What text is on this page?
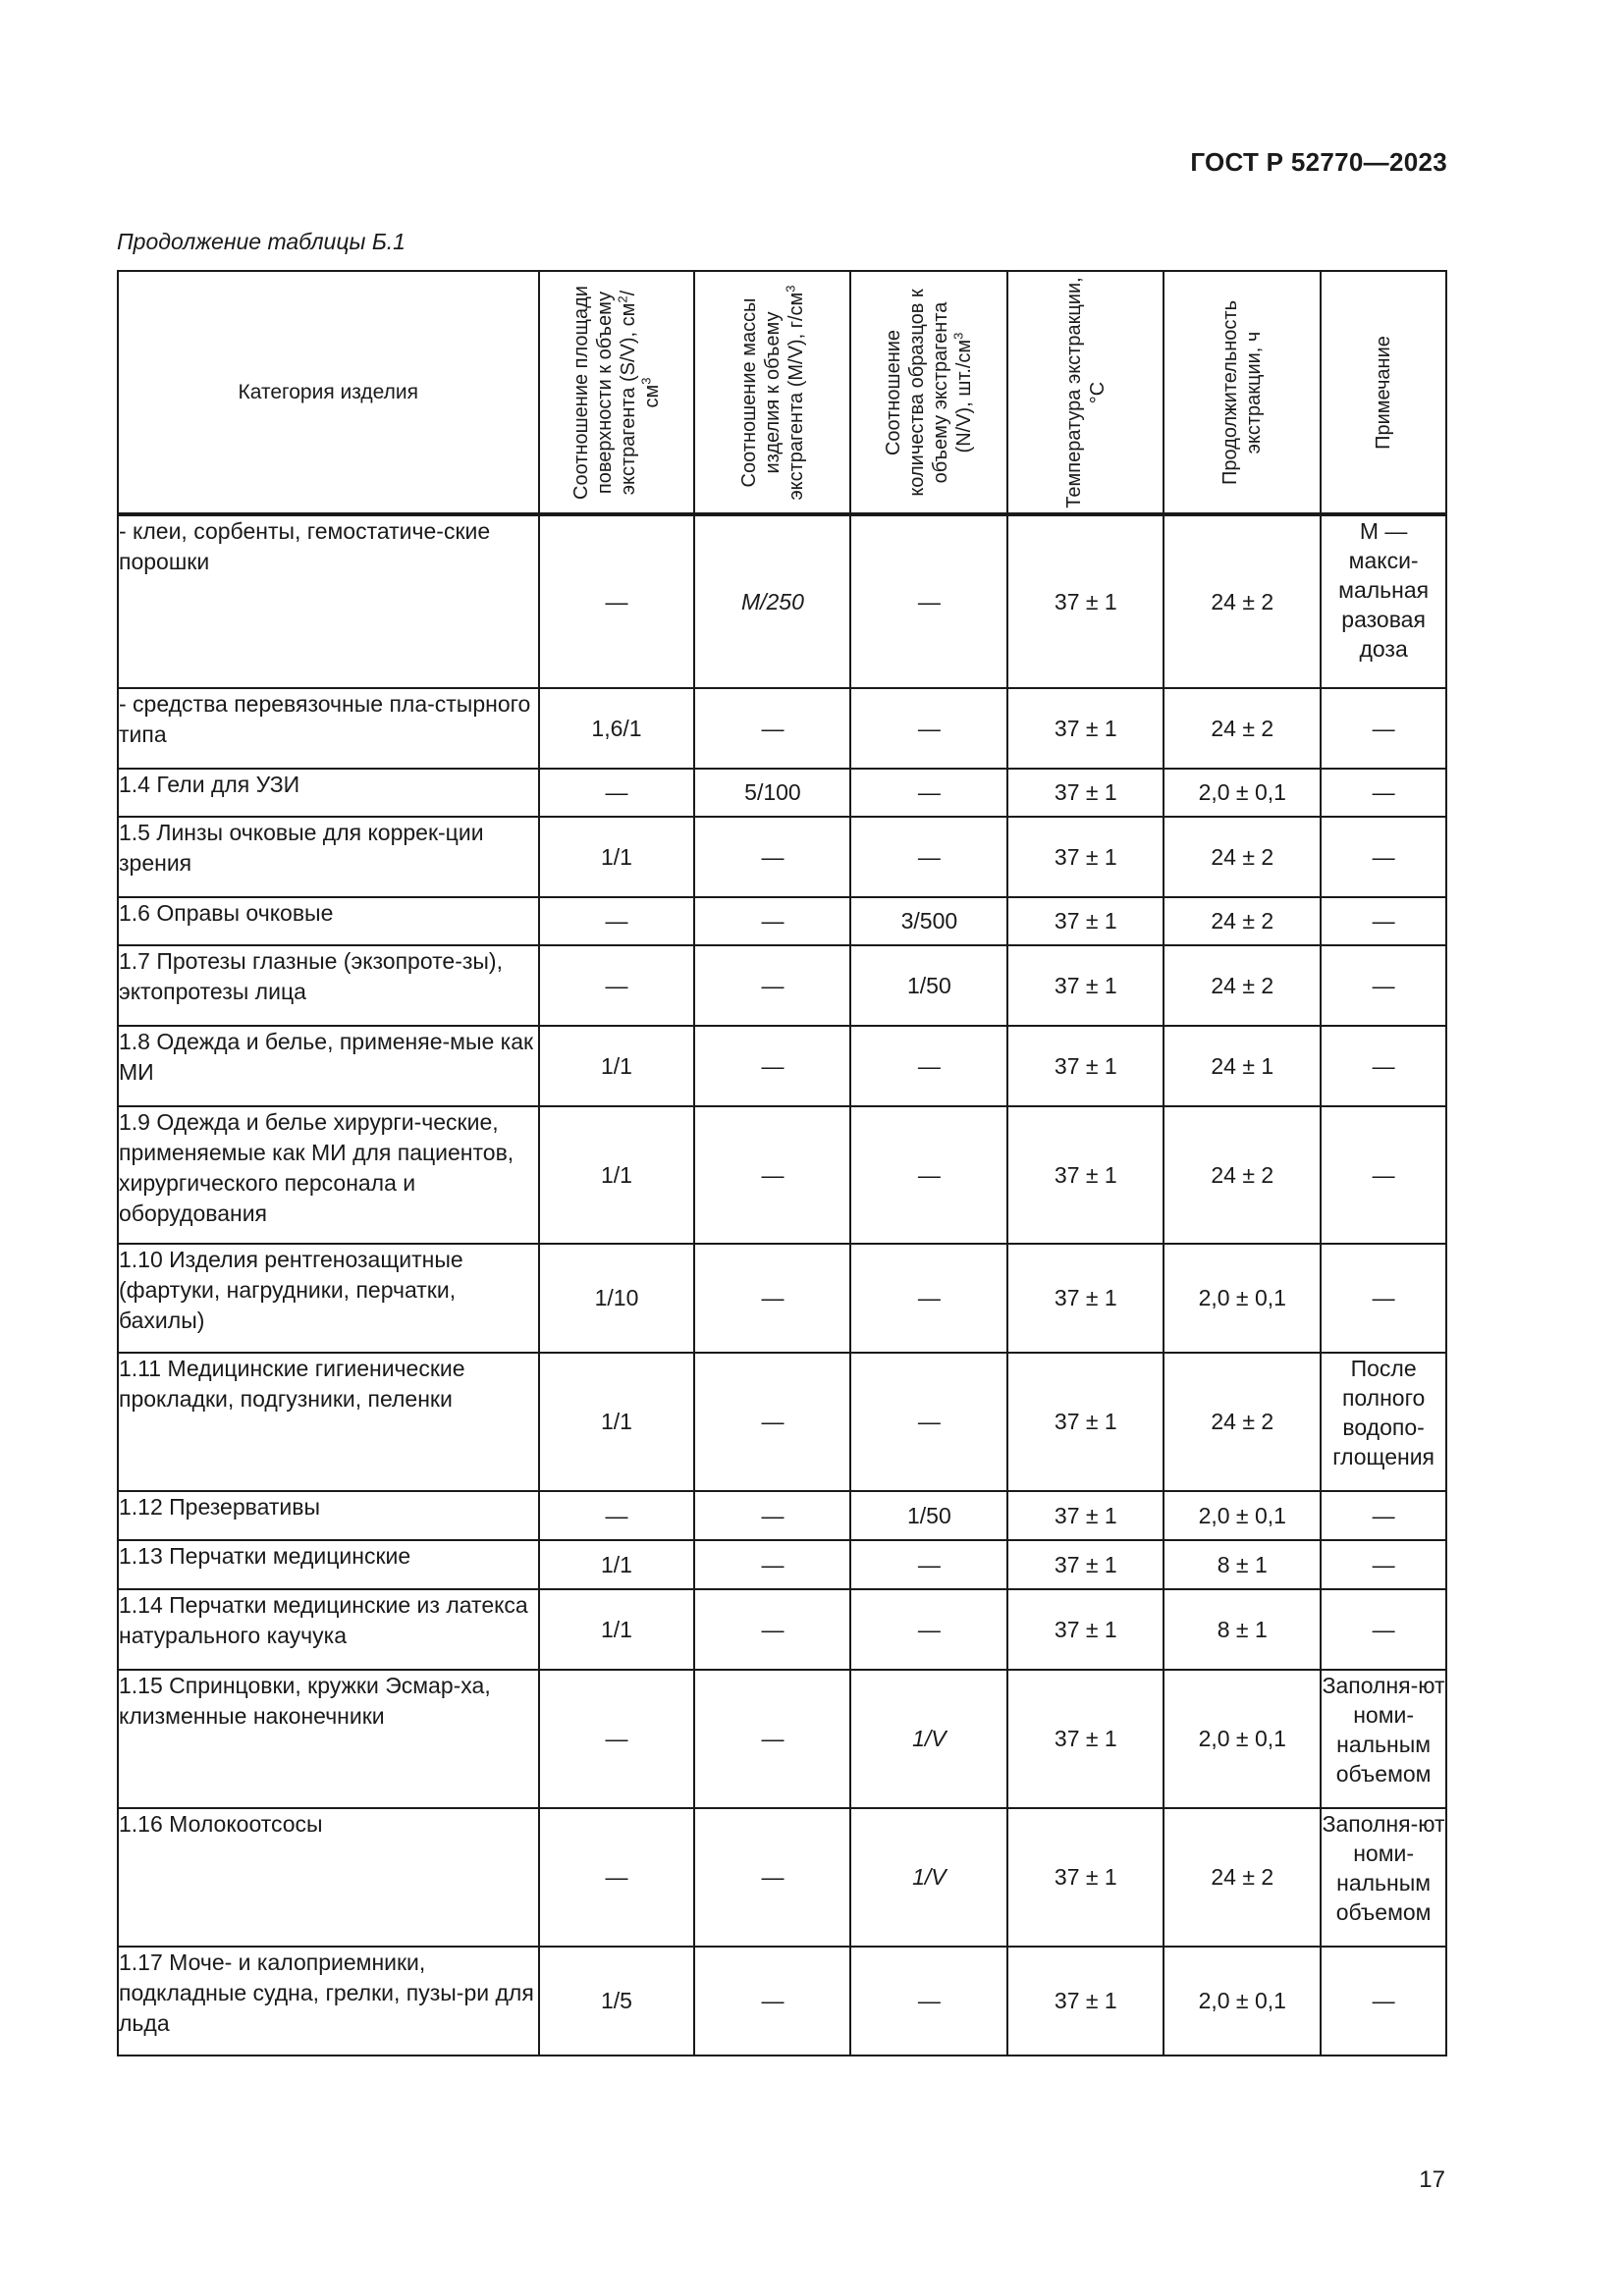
ГОСТ Р 52770—2023
Продолжение таблицы Б.1
Категория изделия	Соотношение площади поверхности к объему экстрагента (S/V), $см^2/см^3$	Соотношение массы изделия к объему экстрагента (M/V), $г/см^3$	Соотношение количества образцов к объему экстрагента (N/V), $шт./см^3$	Температура экстракции, °С	Продолжительность экстракции, ч	Примечание

- клеи, сорбенты, гемостатиче-ские порошки	—	M/250	—	37 ± 1	24 ± 2	M — макси-мальная разовая доза
- средства перевязочные пла-стырного типа	1,6/1	—	—	37 ± 1	24 ± 2	—
1.4 Гели для УЗИ	—	5/100	—	37 ± 1	2,0 ± 0,1	—
1.5 Линзы очковые для коррек-ции зрения	1/1	—	—	37 ± 1	24 ± 2	—
1.6 Оправы очковые	—	—	3/500	37 ± 1	24 ± 2	—
1.7 Протезы глазные (экзопроте-зы), эктопротезы лица	—	—	1/50	37 ± 1	24 ± 2	—
1.8 Одежда и белье, применяе-мые как МИ	1/1	—	—	37 ± 1	24 ± 1	—
1.9 Одежда и белье хирурги-ческие, применяемые как МИ для пациентов, хирургического персонала и оборудования	1/1	—	—	37 ± 1	24 ± 2	—
1.10 Изделия рентгенозащитные (фартуки, нагрудники, перчатки, бахилы)	1/10	—	—	37 ± 1	2,0 ± 0,1	—
1.11 Медицинские гигиенические прокладки, подгузники, пеленки	1/1	—	—	37 ± 1	24 ± 2	После полного водопо-глощения
1.12 Презервативы	—	—	1/50	37 ± 1	2,0 ± 0,1	—
1.13 Перчатки медицинские	1/1	—	—	37 ± 1	8 ± 1	—
1.14 Перчатки медицинские из латекса натурального каучука	1/1	—	—	37 ± 1	8 ± 1	—
1.15 Спринцовки, кружки Эсмар-ха, клизменные наконечники	—	—	1/V	37 ± 1	2,0 ± 0,1	Заполня-ют номи-нальным объемом
1.16 Молокоотсосы	—	—	1/V	37 ± 1	24 ± 2	Заполня-ют номи-нальным объемом
1.17 Моче- и калоприемники, подкладные судна, грелки, пузы-ри для льда	1/5	—	—	37 ± 1	2,0 ± 0,1	—
17
